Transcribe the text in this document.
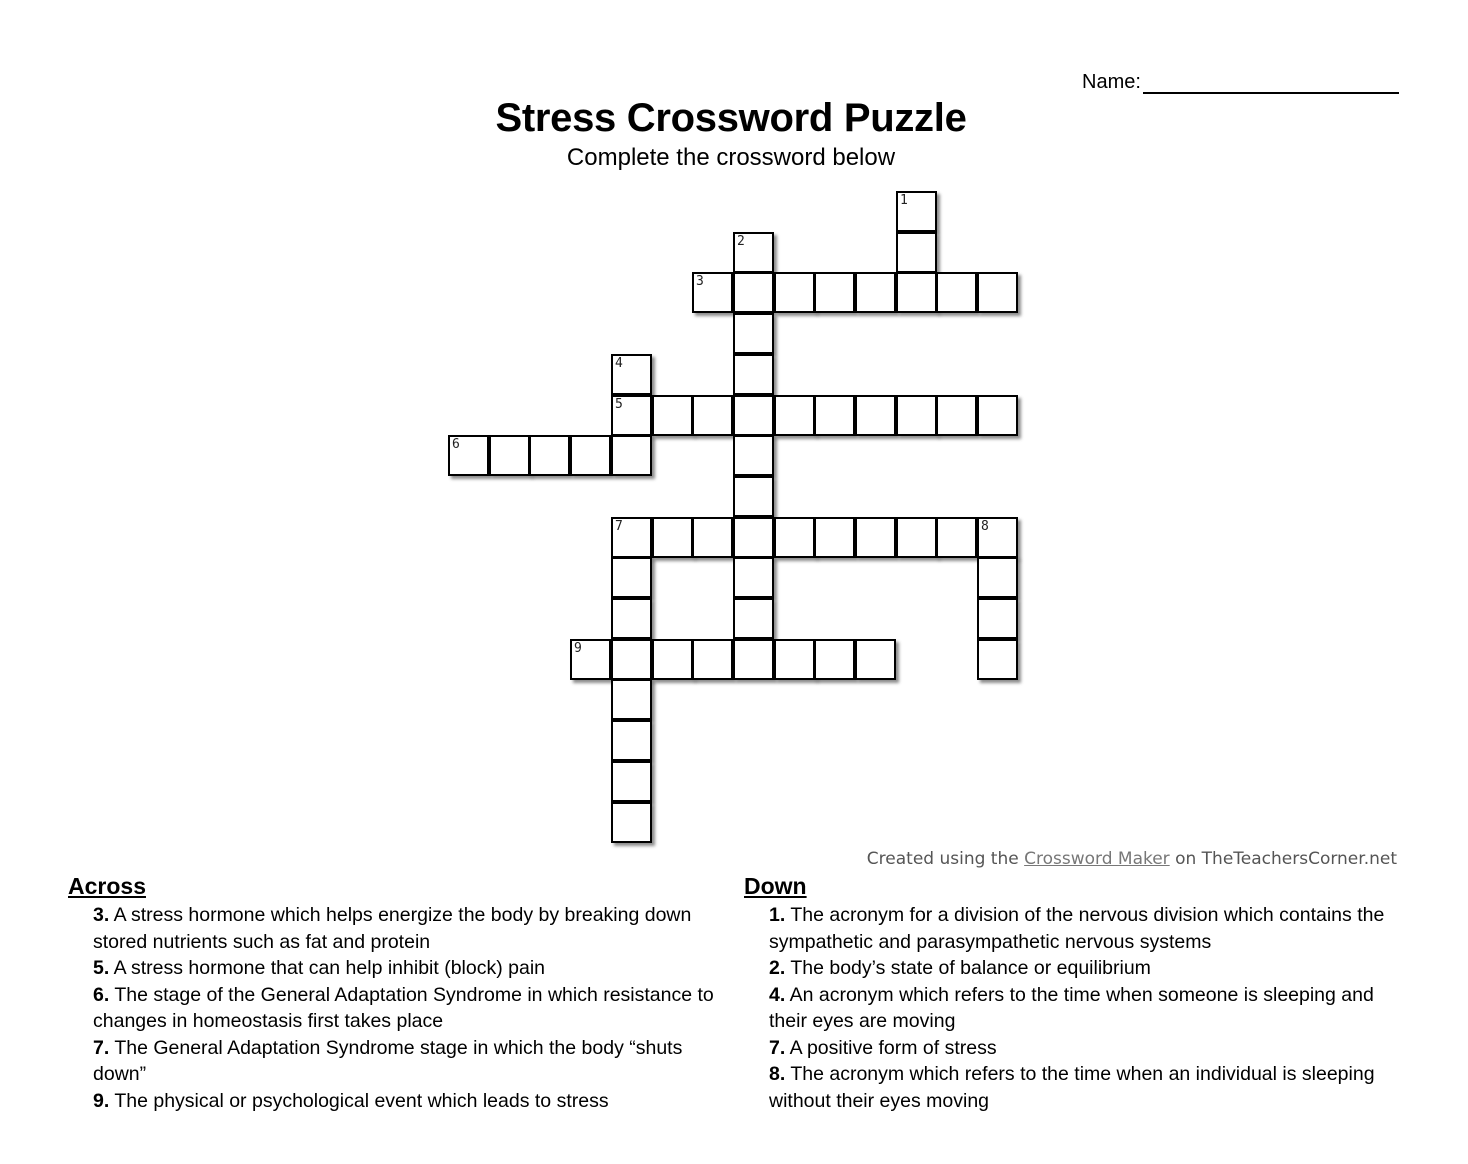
Name:
Stress Crossword Puzzle
Complete the crossword below
1
2
3
4
5
6
7	8
9
Created using the Crossword Maker on TheTeachersCorner.net
Across
3. A stress hormone which helps energize the body by breaking down stored nutrients such as fat and protein
5. A stress hormone that can help inhibit (block) pain
6. The stage of the General Adaptation Syndrome in which resistance to changes in homeostasis first takes place
7. The General Adaptation Syndrome stage in which the body “shuts down”
9. The physical or psychological event which leads to stress
Down
1. The acronym for a division of the nervous division which contains the sympathetic and parasympathetic nervous systems
2. The body’s state of balance or equilibrium
4. An acronym which refers to the time when someone is sleeping and their eyes are moving
7. A positive form of stress
8. The acronym which refers to the time when an individual is sleeping without their eyes moving
